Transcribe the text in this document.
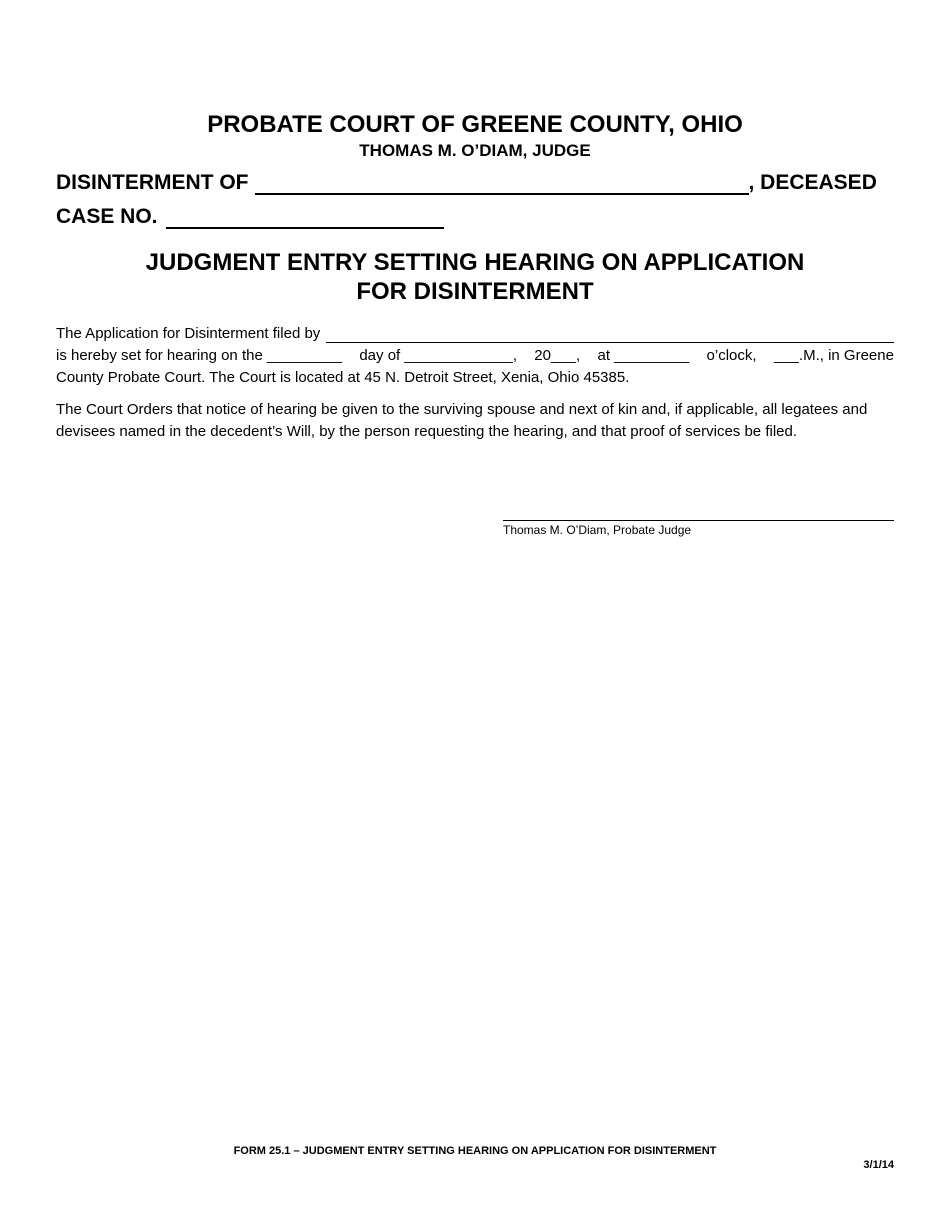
PROBATE COURT OF GREENE COUNTY, OHIO
THOMAS M. O’DIAM, JUDGE
DISINTERMENT OF	, DECEASED
CASE NO.
JUDGMENT ENTRY SETTING HEARING ON APPLICATION
FOR DISINTERMENT
The Application for Disinterment filed by
is hereby set for hearing on the _________ day of _____________, 20___, at _________ o’clock, ___.M., in Greene
County Probate Court. The Court is located at 45 N. Detroit Street, Xenia, Ohio 45385.
The Court Orders that notice of hearing be given to the surviving spouse and next of kin and, if applicable, all legatees and devisees named in the decedent’s Will, by the person requesting the hearing, and that proof of services be filed.
Thomas M. O’Diam, Probate Judge
FORM 25.1 – JUDGMENT ENTRY SETTING HEARING ON APPLICATION FOR DISINTERMENT
3/1/14
